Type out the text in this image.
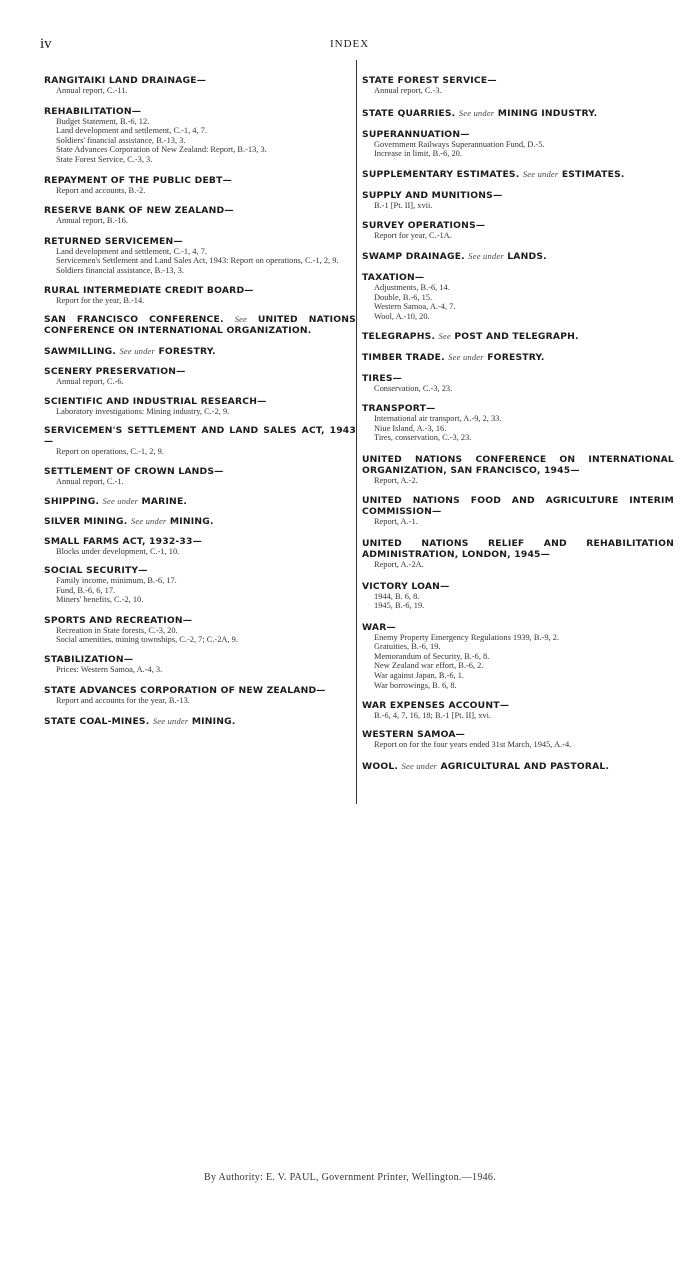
iv	INDEX
RANGITAIKI LAND DRAINAGE—
Annual report, C.-11.
REHABILITATION—
Budget Statement, B.-6, 12.
Land development and settlement, C.-1, 4, 7.
Soldiers' financial assistance, B.-13, 3.
State Advances Corporation of New Zealand: Report, B.-13, 3.
State Forest Service, C.-3, 3.
REPAYMENT OF THE PUBLIC DEBT—
Report and accounts, B.-2.
RESERVE BANK OF NEW ZEALAND—
Annual report, B.-16.
RETURNED SERVICEMEN—
Land development and settlement, C.-1, 4, 7.
Servicemen's Settlement and Land Sales Act, 1943: Report on operations, C.-1, 2, 9.
Soldiers financial assistance, B.-13, 3.
RURAL INTERMEDIATE CREDIT BOARD—
Report for the year, B.-14.
SAN FRANCISCO CONFERENCE. See UNITED NATIONS CONFERENCE ON INTERNATIONAL ORGANIZATION.
SAWMILLING. See under FORESTRY.
SCENERY PRESERVATION—
Annual report, C.-6.
SCIENTIFIC AND INDUSTRIAL RESEARCH—
Laboratory investigations: Mining industry, C.-2, 9.
SERVICEMEN'S SETTLEMENT AND LAND SALES ACT, 1943—
Report on operations, C.-1, 2, 9.
SETTLEMENT OF CROWN LANDS—
Annual report, C.-1.
SHIPPING. See under MARINE.
SILVER MINING. See under MINING.
SMALL FARMS ACT, 1932-33—
Blocks under development, C.-1, 10.
SOCIAL SECURITY—
Family income, minimum, B.-6, 17.
Fund, B.-6, 6, 17.
Miners' benefits, C.-2, 10.
SPORTS AND RECREATION—
Recreation in State forests, C.-3, 20.
Social amenities, mining townships, C.-2, 7; C.-2A, 9.
STABILIZATION—
Prices: Western Samoa, A.-4, 3.
STATE ADVANCES CORPORATION OF NEW ZEALAND—
Report and accounts for the year, B.-13.
STATE COAL-MINES. See under MINING.
STATE FOREST SERVICE—
Annual report, C.-3.
STATE QUARRIES. See under MINING INDUSTRY.
SUPERANNUATION—
Government Railways Superannuation Fund, D.-5.
Increase in limit, B.-6, 20.
SUPPLEMENTARY ESTIMATES. See under ESTIMATES.
SUPPLY AND MUNITIONS—
B.-1 [Pt. II], xvii.
SURVEY OPERATIONS—
Report for year, C.-1A.
SWAMP DRAINAGE. See under LANDS.
TAXATION—
Adjustments, B.-6, 14.
Double, B.-6, 15.
Western Samoa, A.-4, 7.
Wool, A.-10, 20.
TELEGRAPHS. See POST AND TELEGRAPH.
TIMBER TRADE. See under FORESTRY.
TIRES—
Conservation, C.-3, 23.
TRANSPORT—
International air transport, A.-9, 2, 33.
Niue Island, A.-3, 16.
Tires, conservation, C.-3, 23.
UNITED NATIONS CONFERENCE ON INTERNATIONAL ORGANIZATION, SAN FRANCISCO, 1945—
Report, A.-2.
UNITED NATIONS FOOD AND AGRICULTURE INTERIM COMMISSION—
Report, A.-1.
UNITED NATIONS RELIEF AND REHABILITATION ADMINISTRATION, LONDON, 1945—
Report, A.-2A.
VICTORY LOAN—
1944, B. 6, 8.
1945, B.-6, 19.
WAR—
Enemy Property Emergency Regulations 1939, B.-9, 2.
Gratuities, B.-6, 19.
Memorandum of Security, B.-6, 8.
New Zealand war effort, B.-6, 2.
War against Japan, B.-6, 1.
War borrowings, B. 6, 8.
WAR EXPENSES ACCOUNT—
B.-6, 4, 7, 16, 18; B.-1 [Pt. II], xvi.
WESTERN SAMOA—
Report on for the four years ended 31st March, 1945, A.-4.
WOOL. See under AGRICULTURAL AND PASTORAL.
By Authority: E. V. PAUL, Government Printer, Wellington.—1946.
